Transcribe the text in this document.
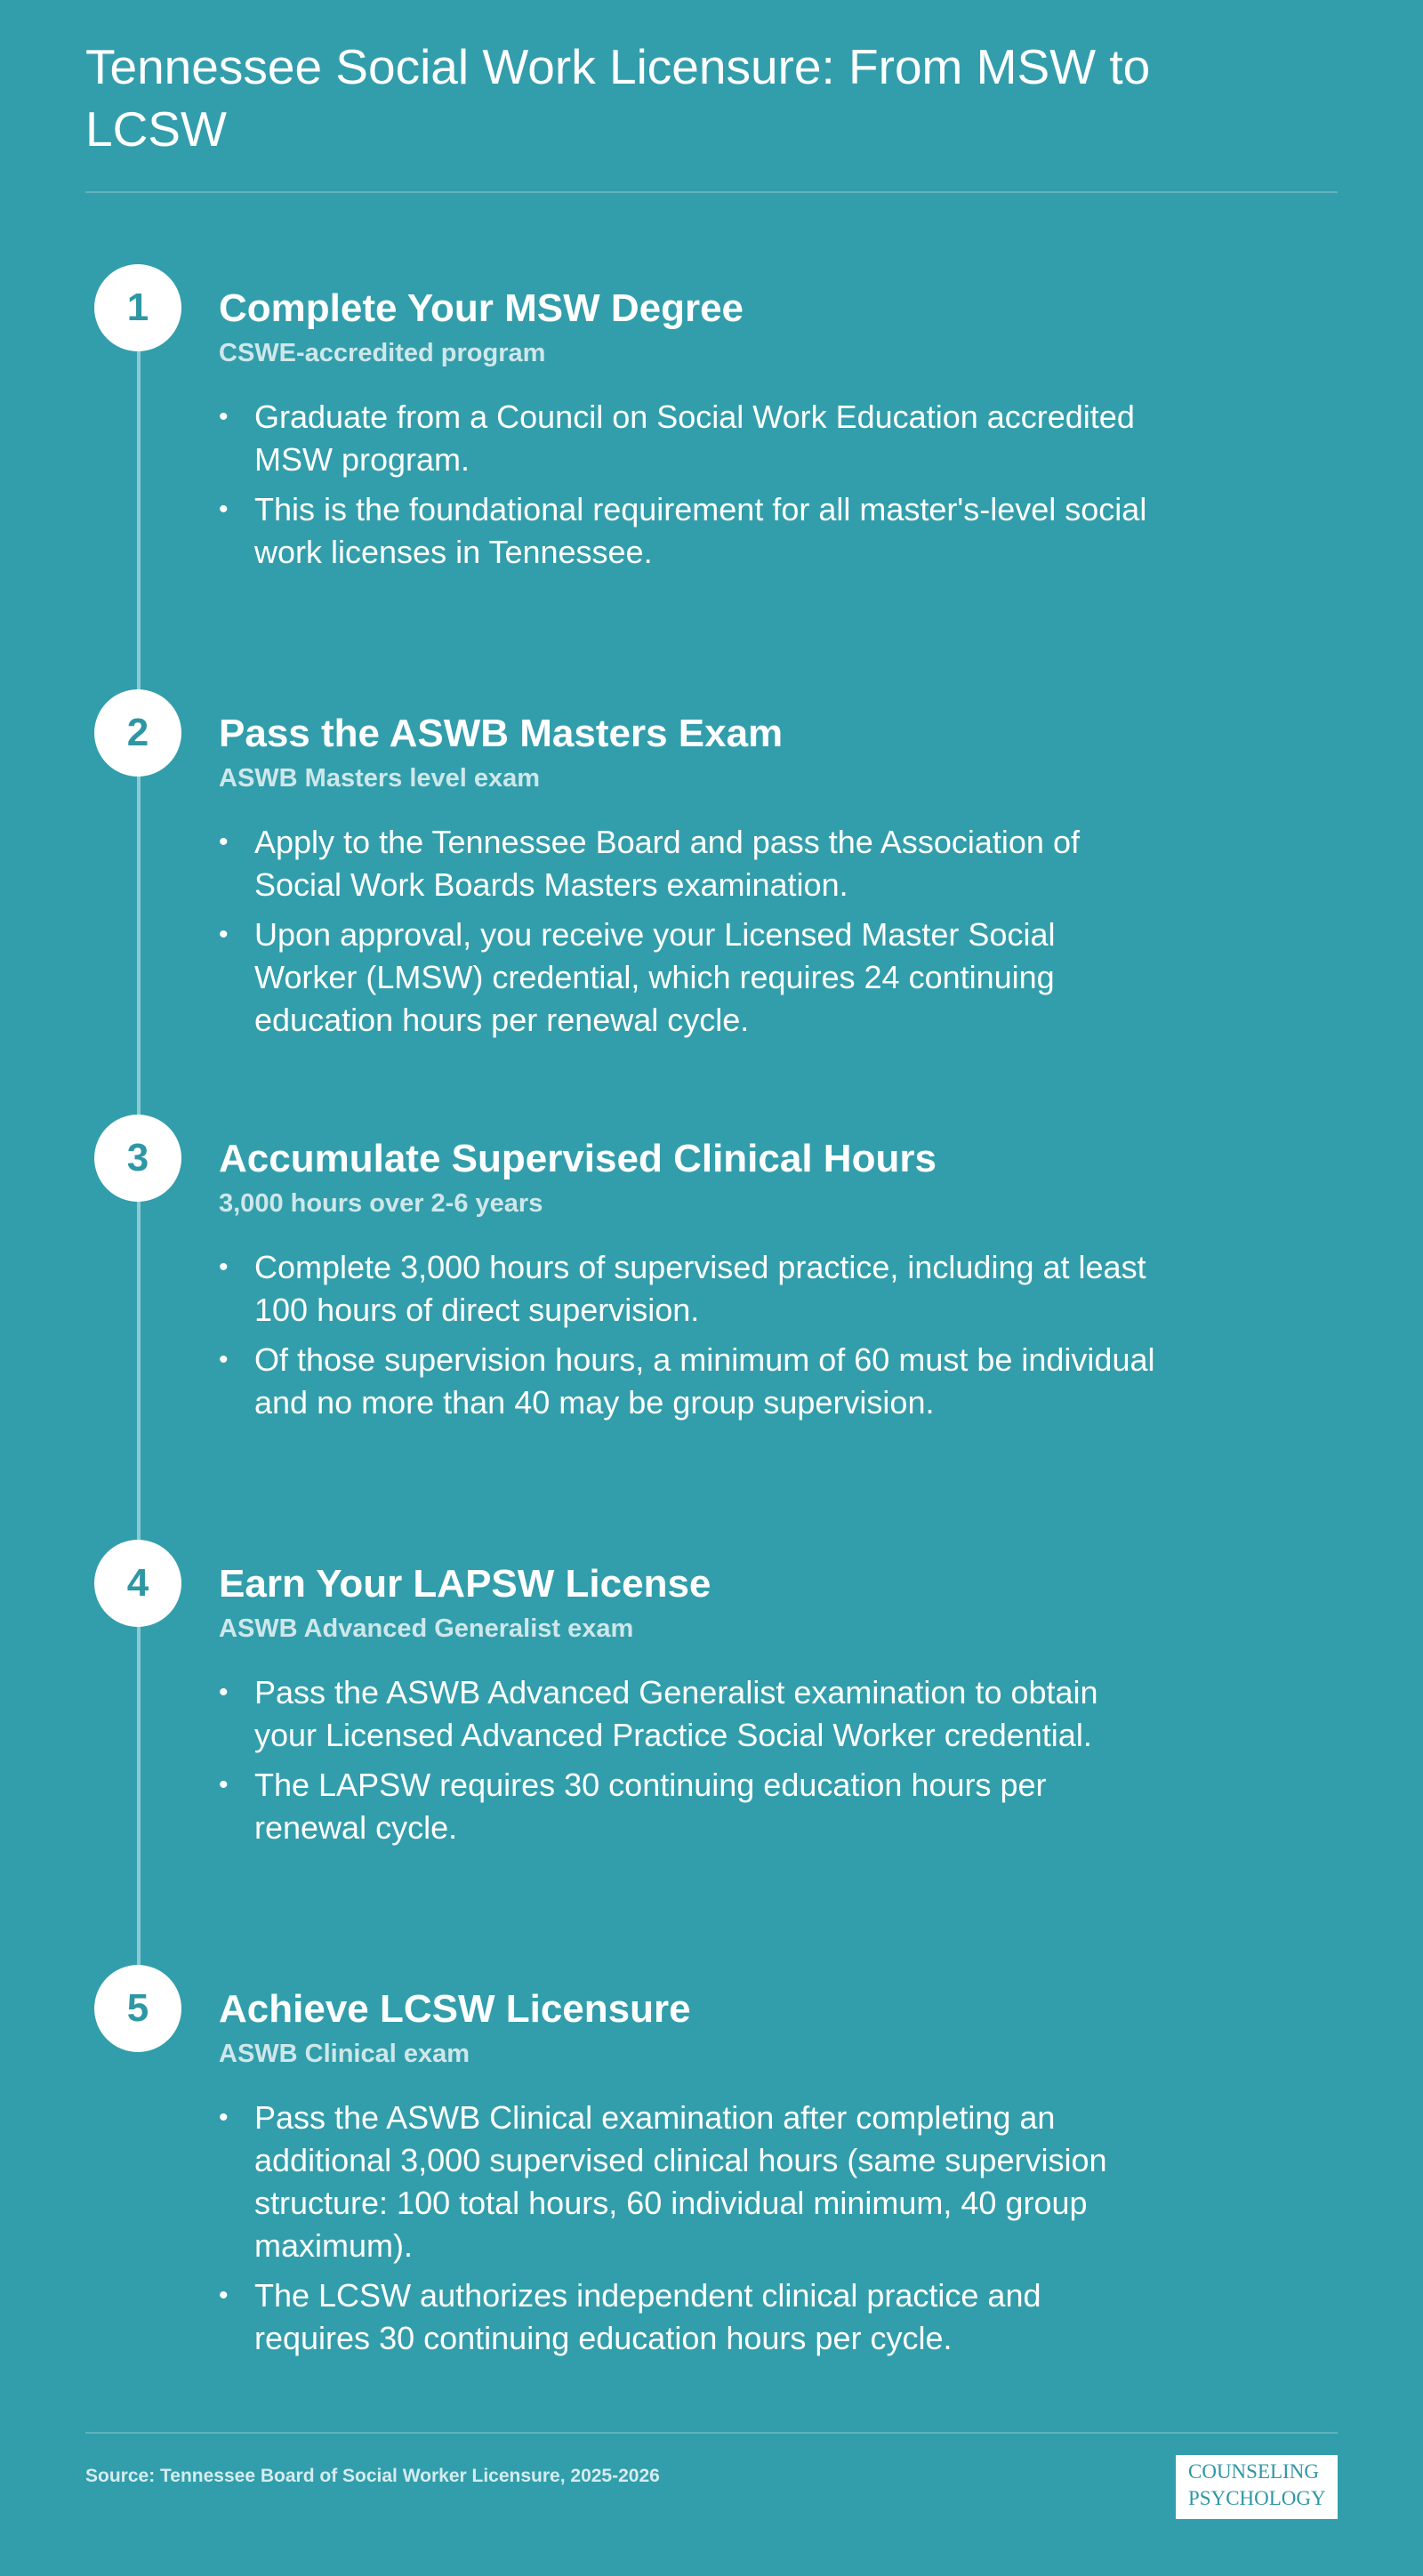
Tennessee Social Work Licensure: From MSW to LCSW
1	Complete Your MSW Degree

CSWE-accredited program

• Graduate from a Council on Social Work Education accredited MSW program.
• This is the foundational requirement for all master's-level social work licenses in Tennessee.
2	Pass the ASWB Masters Exam

ASWB Masters level exam

• Apply to the Tennessee Board and pass the Association of Social Work Boards Masters examination.
• Upon approval, you receive your Licensed Master Social Worker (LMSW) credential, which requires 24 continuing education hours per renewal cycle.
3	Accumulate Supervised Clinical Hours

3,000 hours over 2-6 years

• Complete 3,000 hours of supervised practice, including at least 100 hours of direct supervision.
• Of those supervision hours, a minimum of 60 must be individual and no more than 40 may be group supervision.
4	Earn Your LAPSW License

ASWB Advanced Generalist exam

• Pass the ASWB Advanced Generalist examination to obtain your Licensed Advanced Practice Social Worker credential.
• The LAPSW requires 30 continuing education hours per renewal cycle.
5	Achieve LCSW Licensure

ASWB Clinical exam

• Pass the ASWB Clinical examination after completing an additional 3,000 supervised clinical hours (same supervision structure: 100 total hours, 60 individual minimum, 40 group maximum).
• The LCSW authorizes independent clinical practice and requires 30 continuing education hours per cycle.
Source: Tennessee Board of Social Worker Licensure, 2025-2026	COUNSELING
PSYCHOLOGY
